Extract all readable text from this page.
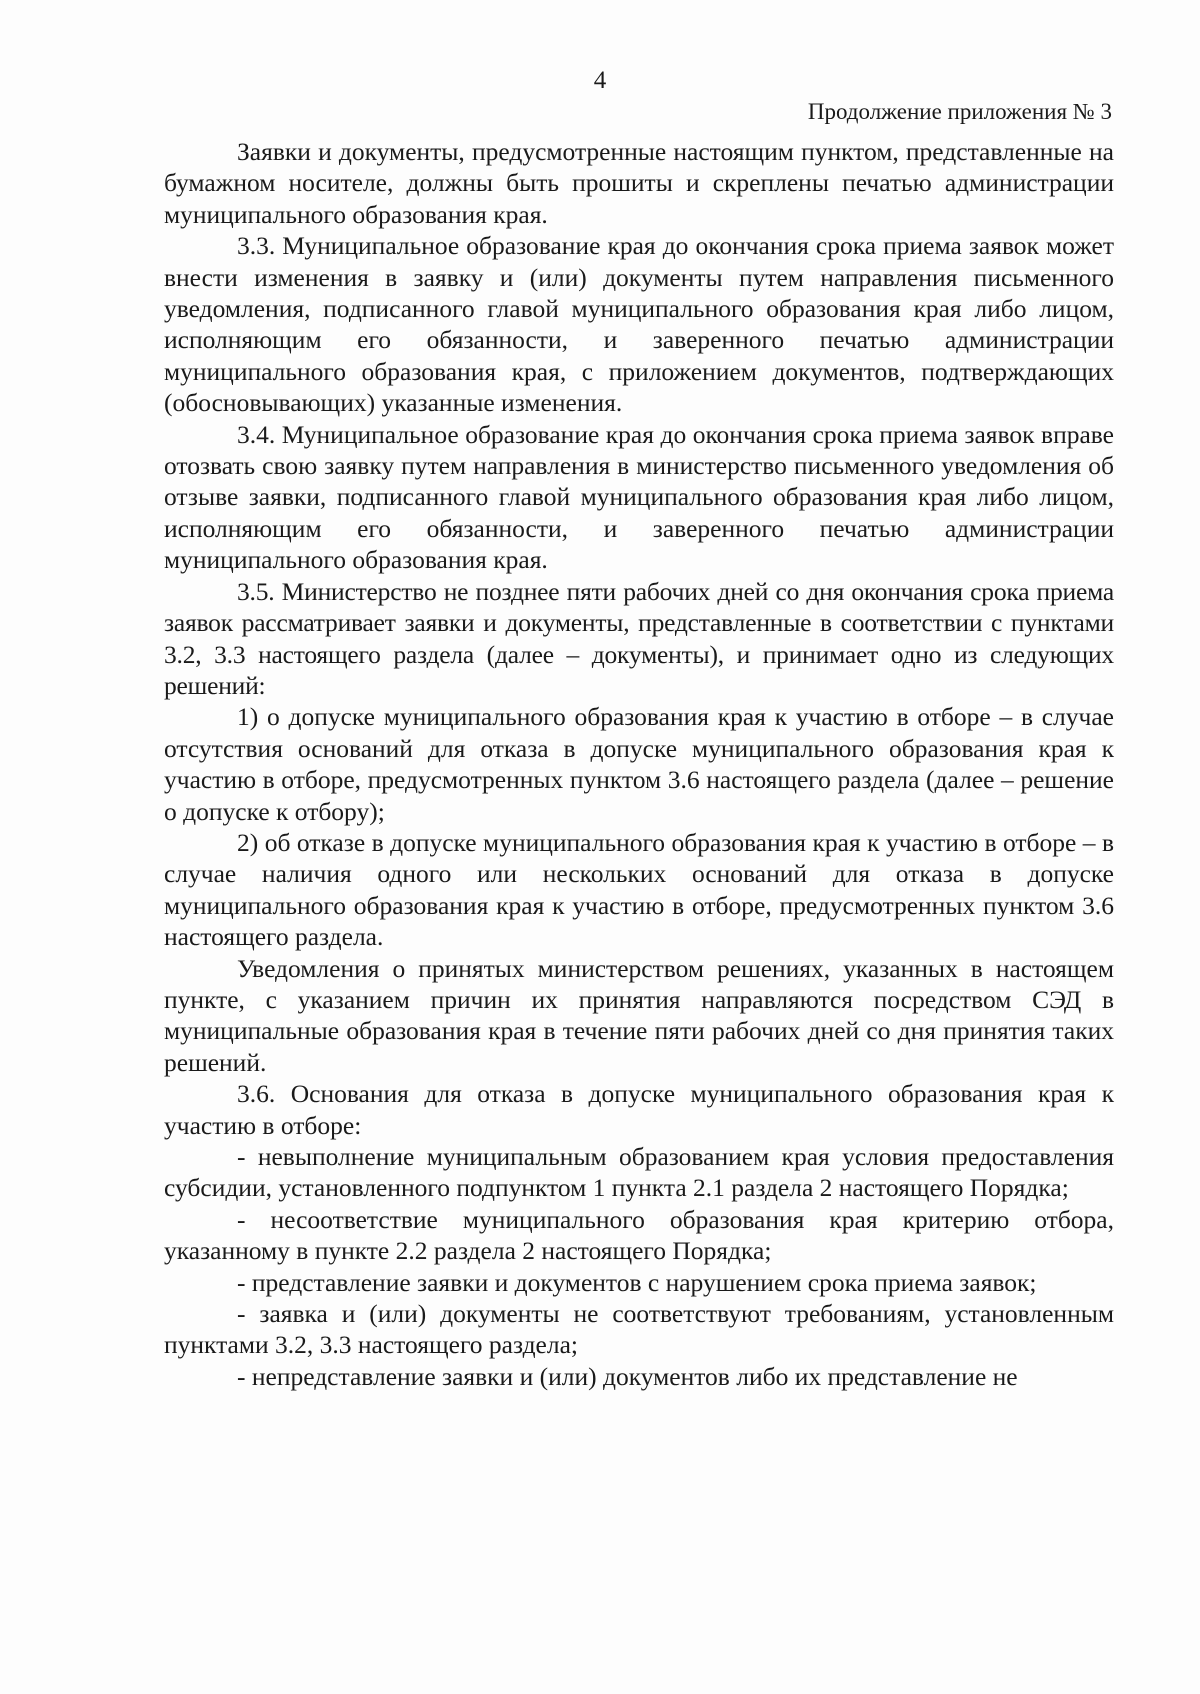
4
Продолжение приложения № 3

Заявки и документы, предусмотренные настоящим пунктом, представленные на бумажном носителе, должны быть прошиты и скреплены печатью администрации муниципального образования края.

3.3. Муниципальное образование края до окончания срока приема заявок может внести изменения в заявку и (или) документы путем направления письменного уведомления, подписанного главой муниципального образования края либо лицом, исполняющим его обязанности, и заверенного печатью администрации муниципального образования края, с приложением документов, подтверждающих (обосновывающих) указанные изменения.

3.4. Муниципальное образование края до окончания срока приема заявок вправе отозвать свою заявку путем направления в министерство письменного уведомления об отзыве заявки, подписанного главой муниципального образования края либо лицом, исполняющим его обязанности, и заверенного печатью администрации муниципального образования края.

3.5. Министерство не позднее пяти рабочих дней со дня окончания срока приема заявок рассматривает заявки и документы, представленные в соответствии с пунктами 3.2, 3.3 настоящего раздела (далее – документы), и принимает одно из следующих решений:

1) о допуске муниципального образования края к участию в отборе – в случае отсутствия оснований для отказа в допуске муниципального образования края к участию в отборе, предусмотренных пунктом 3.6 настоящего раздела (далее – решение о допуске к отбору);

2) об отказе в допуске муниципального образования края к участию в отборе – в случае наличия одного или нескольких оснований для отказа в допуске муниципального образования края к участию в отборе, предусмотренных пунктом 3.6 настоящего раздела.

Уведомления о принятых министерством решениях, указанных в настоящем пункте, с указанием причин их принятия направляются посредством СЭД в муниципальные образования края в течение пяти рабочих дней со дня принятия таких решений.

3.6. Основания для отказа в допуске муниципального образования края к участию в отборе:

- невыполнение муниципальным образованием края условия предоставления субсидии, установленного подпунктом 1 пункта 2.1 раздела 2 настоящего Порядка;

- несоответствие муниципального образования края критерию отбора, указанному в пункте 2.2 раздела 2 настоящего Порядка;

- представление заявки и документов с нарушением срока приема заявок;

- заявка и (или) документы не соответствуют требованиям, установленным пунктами 3.2, 3.3 настоящего раздела;

- непредставление заявки и (или) документов либо их представление не
